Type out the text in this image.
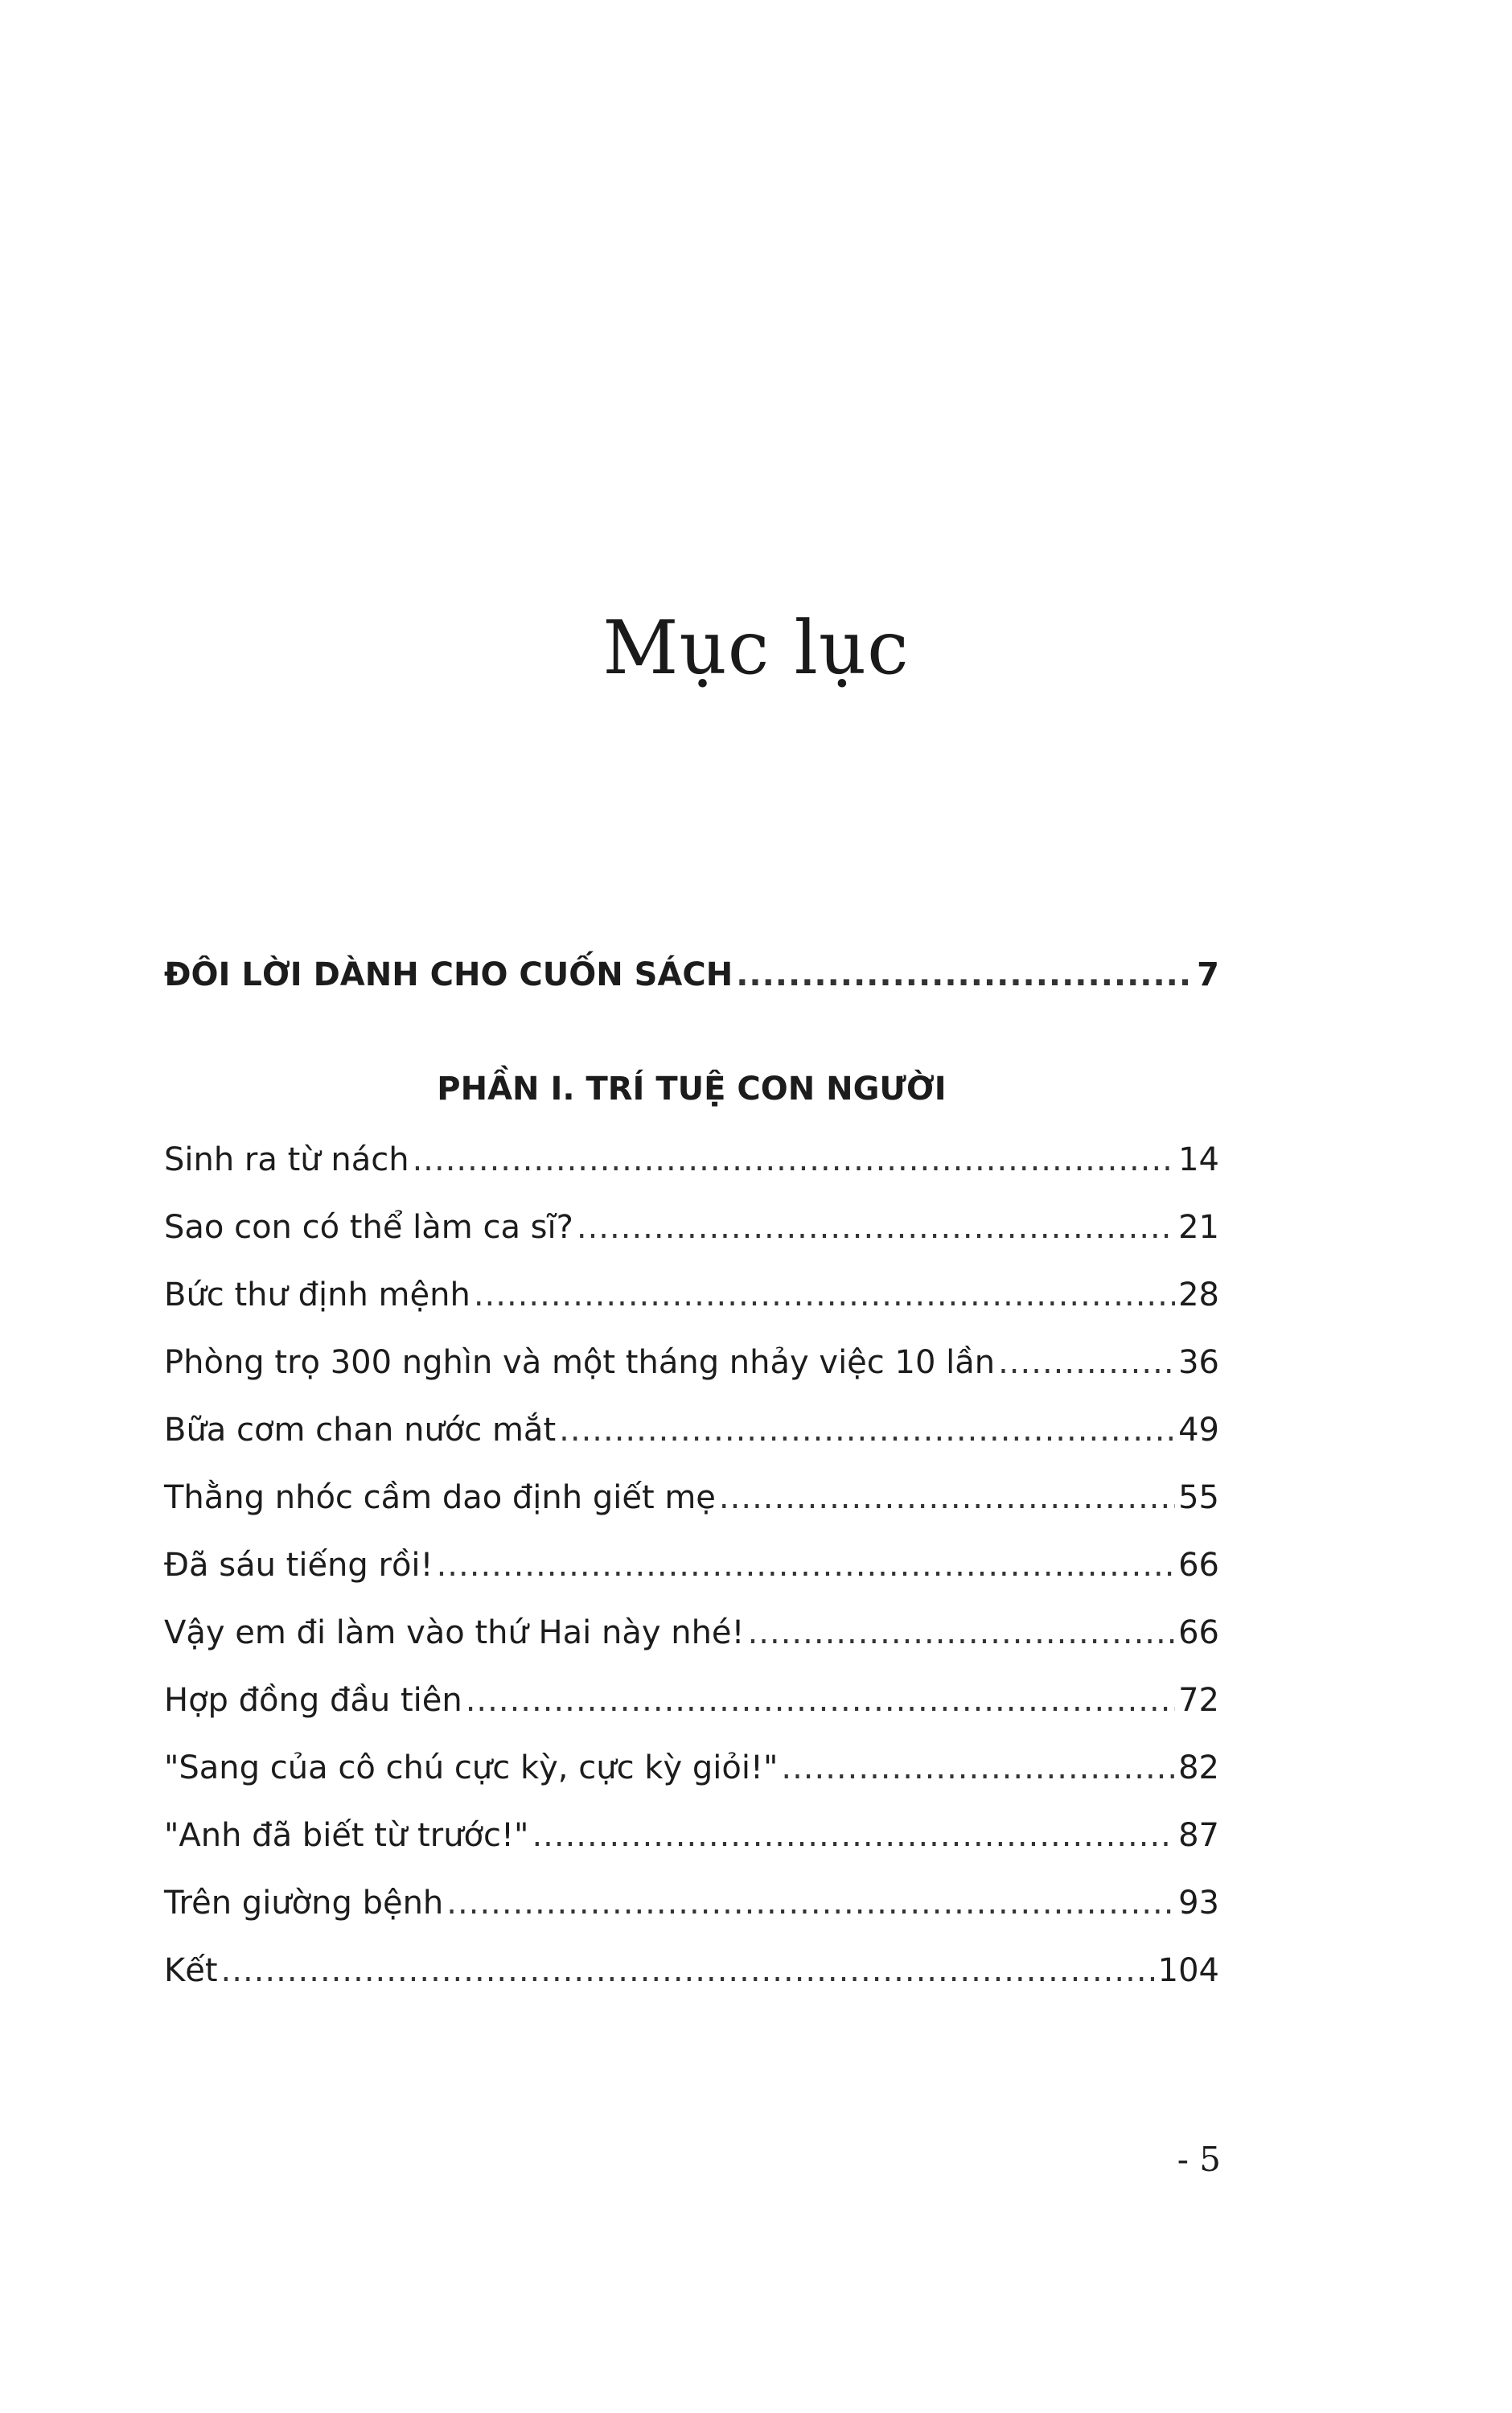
Mục lục
ĐÔI LỜI DÀNH CHO CUỐN SÁCH .....	7
PHẦN I. TRÍ TUỆ CON NGƯỜI
Sinh ra từ nách .....	14
Sao con có thể làm ca sĩ? .....	21
Bức thư định mệnh .....	28
Phòng trọ 300 nghìn và một tháng nhảy việc 10 lần .....	36
Bữa cơm chan nước mắt .....	49
Thằng nhóc cầm dao định giết mẹ .....	55
Đã sáu tiếng rồi! .....	66
Vậy em đi làm vào thứ Hai này nhé! .....	66
Hợp đồng đầu tiên .....	72
"Sang của cô chú cực kỳ, cực kỳ giỏi!" .....	82
"Anh đã biết từ trước!" .....	87
Trên giường bệnh .....	93
Kết .....	104
- 5
